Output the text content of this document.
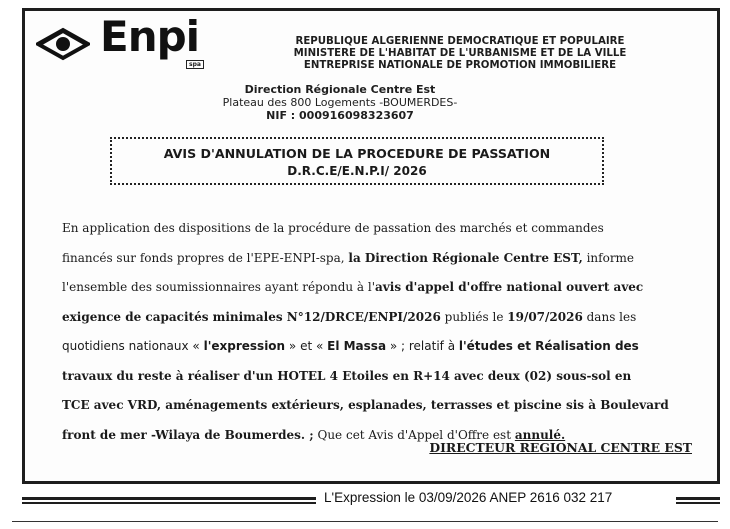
Enpi
spa
REPUBLIQUE ALGERIENNE DEMOCRATIQUE ET POPULAIRE
MINISTERE DE L'HABITAT DE L'URBANISME ET DE LA VILLE
ENTREPRISE NATIONALE DE PROMOTION IMMOBILIERE
Direction Régionale Centre Est
Plateau des 800 Logements -BOUMERDES-
NIF : 000916098323607
AVIS D'ANNULATION DE LA PROCEDURE DE PASSATION
D.R.C.E/E.N.P.I/ 2026
En application des dispositions de la procédure de passation des marchés et commandes
financés sur fonds propres de l'EPE-ENPI-spa, la Direction Régionale Centre EST, informe
l'ensemble des soumissionnaires ayant répondu à l'avis d'appel d'offre national ouvert avec
exigence de capacités minimales N°12/DRCE/ENPI/2026 publiés le 19/07/2026 dans les
quotidiens nationaux « l'expression » et « El Massa » ; relatif à l'études et Réalisation des
travaux du reste à réaliser d'un HOTEL 4 Etoiles en R+14 avec deux (02) sous-sol en
TCE avec VRD, aménagements extérieurs, esplanades, terrasses et piscine sis à Boulevard
front de mer -Wilaya de Boumerdes. ; Que cet Avis d'Appel d'Offre est annulé.
DIRECTEUR REGIONAL CENTRE EST
L'Expression le 03/09/2026 ANEP 2616 032 217
